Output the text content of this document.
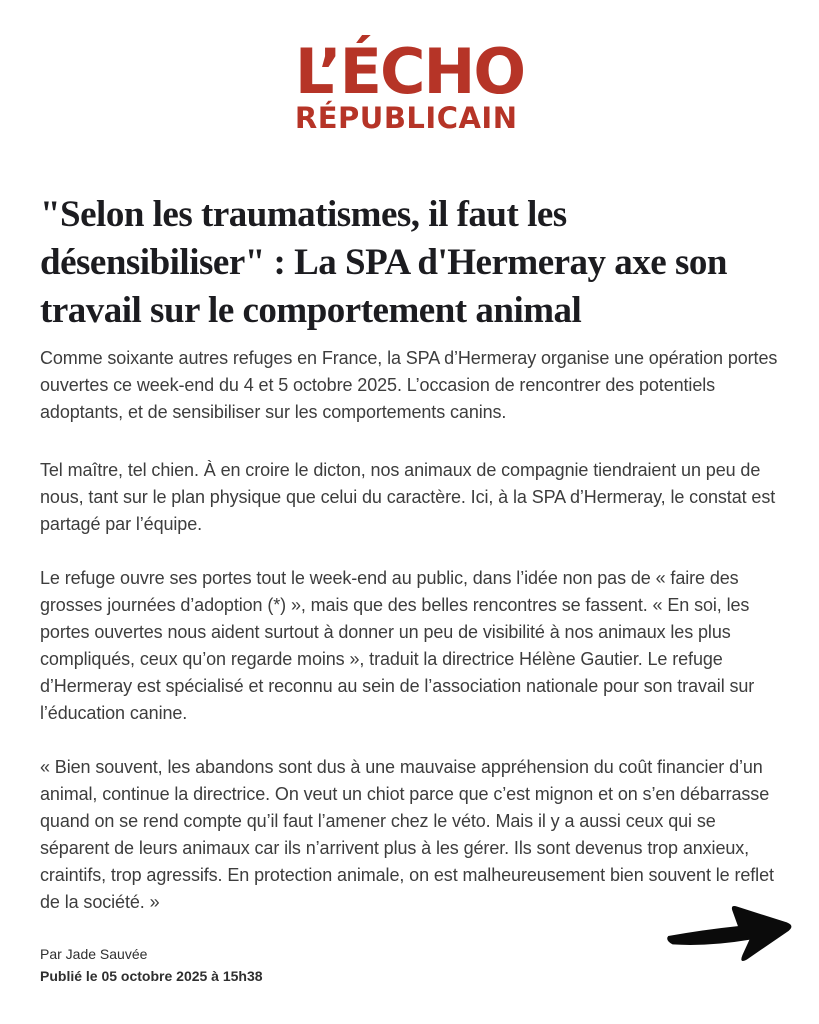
L’ÉCHO
RÉPUBLICAIN
"Selon les traumatismes, il faut les désensibiliser" : La SPA d'Hermeray axe son travail sur le comportement animal

Comme soixante autres refuges en France, la SPA d’Hermeray organise une opération portes ouvertes ce week-end du 4 et 5 octobre 2025. L’occasion de rencontrer des potentiels adoptants, et de sensibiliser sur les comportements canins.

Tel maître, tel chien. À en croire le dicton, nos animaux de compagnie tiendraient un peu de nous, tant sur le plan physique que celui du caractère. Ici, à la SPA d’Hermeray, le constat est partagé par l’équipe.

Le refuge ouvre ses portes tout le week-end au public, dans l’idée non pas de « faire des grosses journées d’adoption (*) », mais que des belles rencontres se fassent. « En soi, les portes ouvertes nous aident surtout à donner un peu de visibilité à nos animaux les plus compliqués, ceux qu’on regarde moins », traduit la directrice Hélène Gautier. Le refuge d’Hermeray est spécialisé et reconnu au sein de l’association nationale pour son travail sur l’éducation canine.

« Bien souvent, les abandons sont dus à une mauvaise appréhension du coût financier d’un animal, continue la directrice. On veut un chiot parce que c’est mignon et on s’en débarrasse quand on se rend compte qu’il faut l’amener chez le véto. Mais il y a aussi ceux qui se séparent de leurs animaux car ils n’arrivent plus à les gérer. Ils sont devenus trop anxieux, craintifs, trop agressifs. En protection animale, on est malheureusement bien souvent le reflet de la société. »

Par Jade Sauvée
Publié le 05 octobre 2025 à 15h38
